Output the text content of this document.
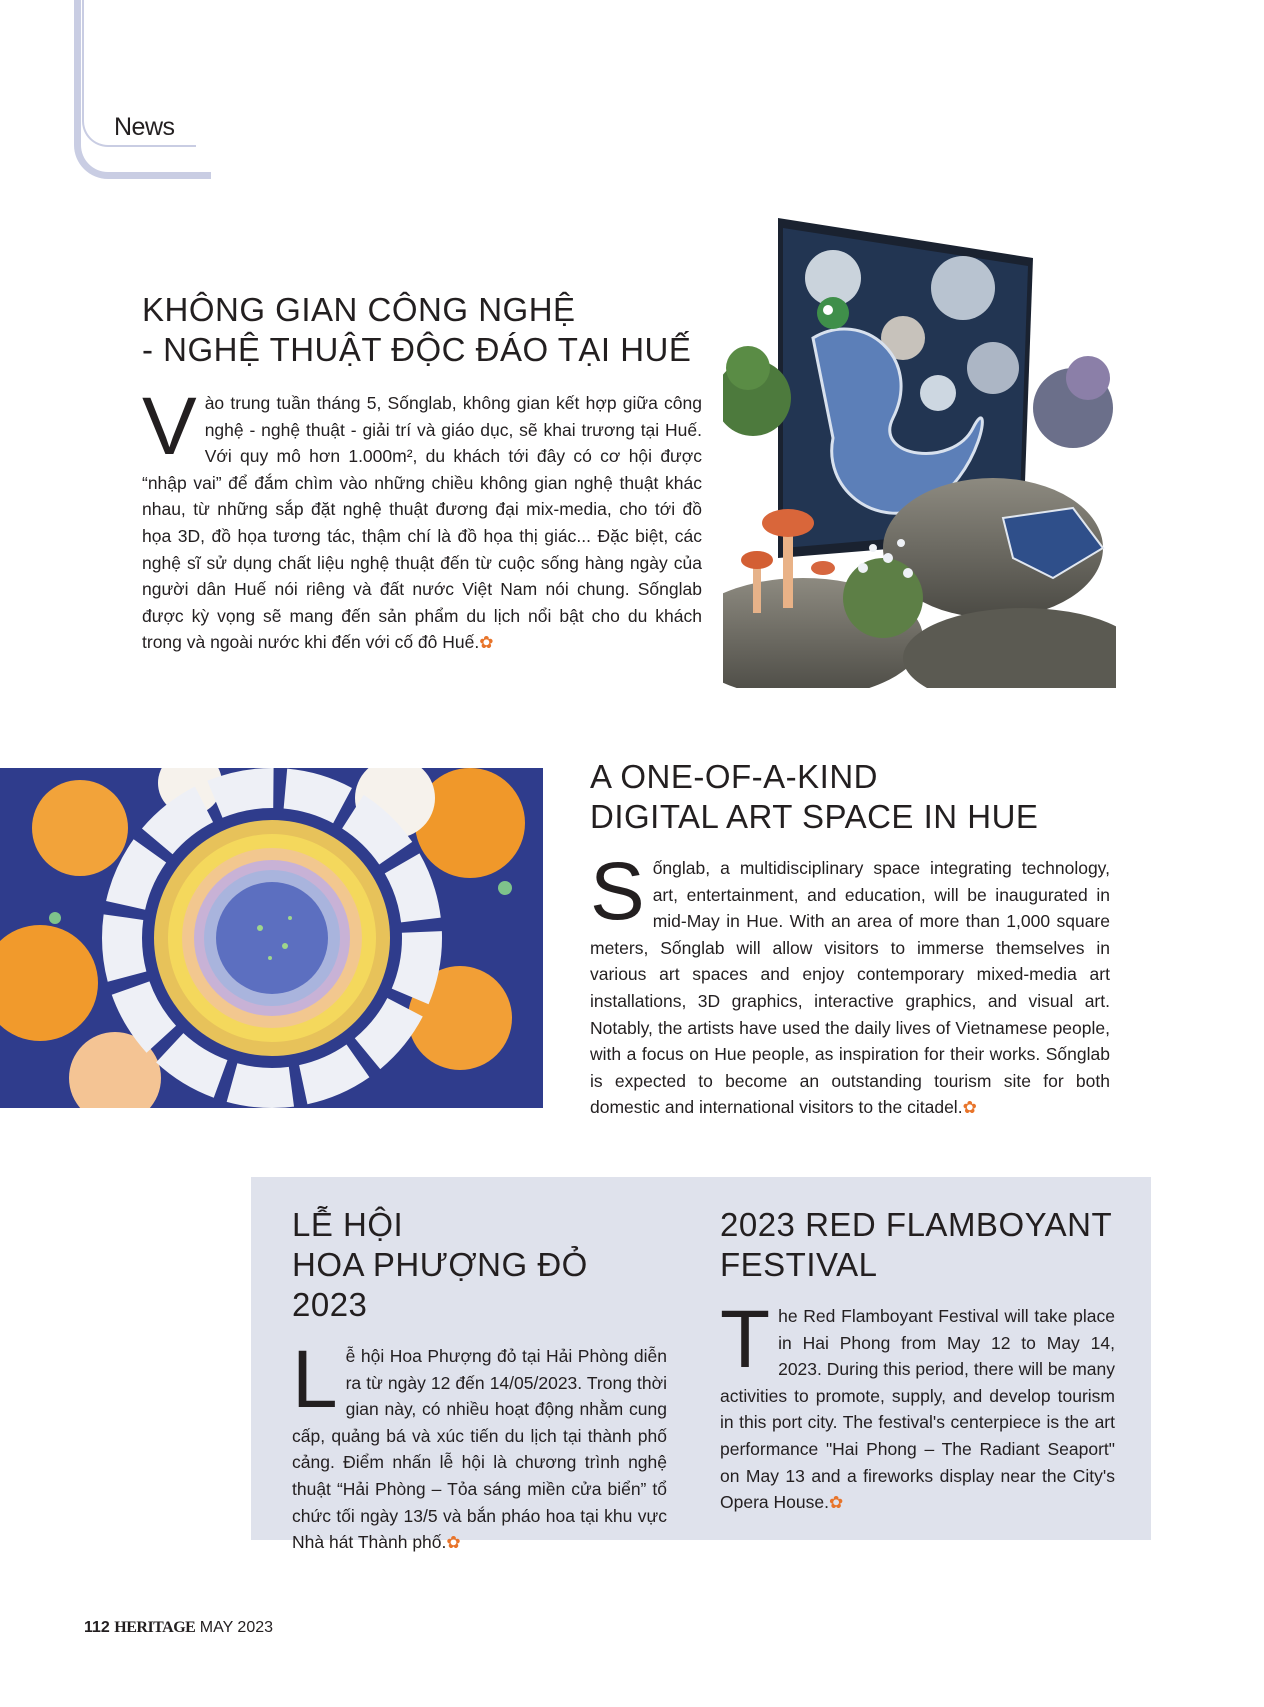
News
KHÔNG GIAN CÔNG NGHỆ
- NGHỆ THUẬT ĐỘC ĐÁO TẠI HUẾ

Vào trung tuần tháng 5, Sốnglab, không gian kết hợp giữa công nghệ - nghệ thuật - giải trí và giáo dục, sẽ khai trương tại Huế. Với quy mô hơn 1.000m², du khách tới đây có cơ hội được “nhập vai” để đắm chìm vào những chiều không gian nghệ thuật khác nhau, từ những sắp đặt nghệ thuật đương đại mix-media, cho tới đồ họa 3D, đồ họa tương tác, thậm chí là đồ họa thị giác... Đặc biệt, các nghệ sĩ sử dụng chất liệu nghệ thuật đến từ cuộc sống hàng ngày của người dân Huế nói riêng và đất nước Việt Nam nói chung. Sốnglab được kỳ vọng sẽ mang đến sản phẩm du lịch nổi bật cho du khách trong và ngoài nước khi đến với cố đô Huế.✿

A ONE-OF-A-KIND
DIGITAL ART SPACE IN HUE

Sốnglab, a multidisciplinary space integrating technology, art, entertainment, and education, will be inaugurated in mid-May in Hue. With an area of more than 1,000 square meters, Sốnglab will allow visitors to immerse themselves in various art spaces and enjoy contemporary mixed-media art installations, 3D graphics, interactive graphics, and visual art. Notably, the artists have used the daily lives of Vietnamese people, with a focus on Hue people, as inspiration for their works. Sốnglab is expected to become an outstanding tourism site for both domestic and international visitors to the citadel.✿

LỄ HỘI
HOA PHƯỢNG ĐỎ 2023

Lễ hội Hoa Phượng đỏ tại Hải Phòng diễn ra từ ngày 12 đến 14/05/2023. Trong thời gian này, có nhiều hoạt động nhằm cung cấp, quảng bá và xúc tiến du lịch tại thành phố cảng. Điểm nhấn lễ hội là chương trình nghệ thuật “Hải Phòng – Tỏa sáng miền cửa biển” tổ chức tối ngày 13/5 và bắn pháo hoa tại khu vực Nhà hát Thành phố.✿

2023 RED FLAMBOYANT
FESTIVAL

The Red Flamboyant Festival will take place in Hai Phong from May 12 to May 14, 2023. During this period, there will be many activities to promote, supply, and develop tourism in this port city. The festival's centerpiece is the art performance "Hai Phong – The Radiant Seaport" on May 13 and a fireworks display near the City's Opera House.✿

112 HERITAGE MAY 2023
